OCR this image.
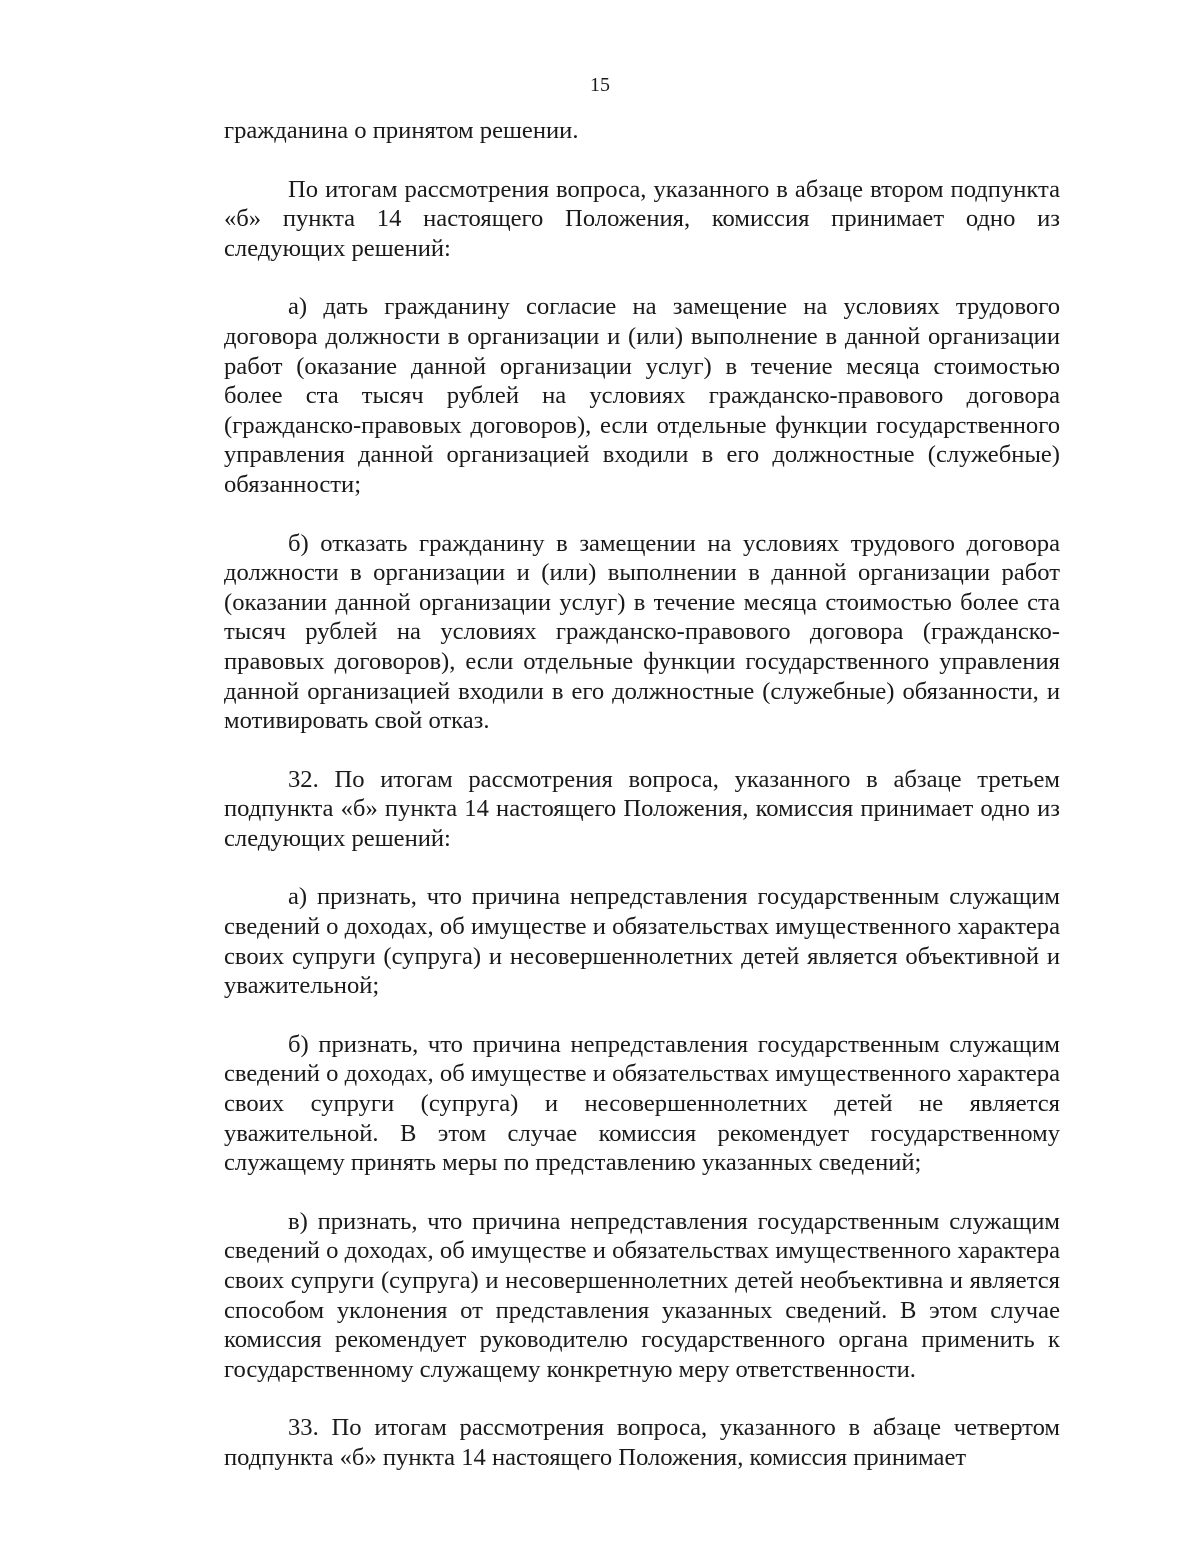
15

гражданина о принятом решении.

По итогам рассмотрения вопроса, указанного в абзаце втором подпункта «б» пункта 14 настоящего Положения, комиссия принимает одно из следующих решений:

а) дать гражданину согласие на замещение на условиях трудового договора должности в организации и (или) выполнение в данной организации работ (оказание данной организации услуг) в течение месяца стоимостью более ста тысяч рублей на условиях гражданско-правового договора (гражданско-правовых договоров), если отдельные функции государственного управления данной организацией входили в его должностные (служебные) обязанности;

б) отказать гражданину в замещении на условиях трудового договора должности в организации и (или) выполнении в данной организации работ (оказании данной организации услуг) в течение месяца стоимостью более ста тысяч рублей на условиях гражданско-правового договора (гражданско-правовых договоров), если отдельные функции государственного управления данной организацией входили в его должностные (служебные) обязанности, и мотивировать свой отказ.

32. По итогам рассмотрения вопроса, указанного в абзаце третьем подпункта «б» пункта 14 настоящего Положения, комиссия принимает одно из следующих решений:

а) признать, что причина непредставления государственным служащим сведений о доходах, об имуществе и обязательствах имущественного характера своих супруги (супруга) и несовершеннолетних детей является объективной и уважительной;

б) признать, что причина непредставления государственным служащим сведений о доходах, об имуществе и обязательствах имущественного характера своих супруги (супруга) и несовершеннолетних детей не является уважительной. В этом случае комиссия рекомендует государственному служащему принять меры по представлению указанных сведений;

в) признать, что причина непредставления государственным служащим сведений о доходах, об имуществе и обязательствах имущественного характера своих супруги (супруга) и несовершеннолетних детей необъективна и является способом уклонения от представления указанных сведений. В этом случае комиссия рекомендует руководителю государственного органа применить к государственному служащему конкретную меру ответственности.

33. По итогам рассмотрения вопроса, указанного в абзаце четвертом подпункта «б» пункта 14 настоящего Положения, комиссия принимает
